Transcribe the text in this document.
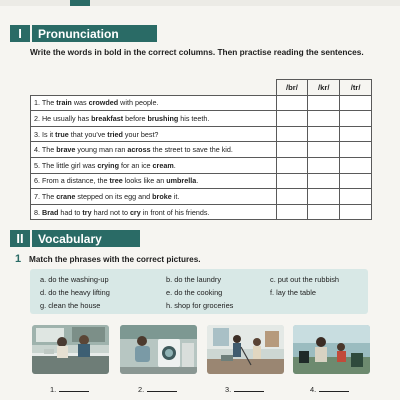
I	Pronunciation
Write the words in bold in the correct columns. Then practise reading the sentences.
	/br/	/kr/	/tr/
1. The train was crowded with people.			
2. He usually has breakfast before brushing his teeth.			
3. Is it true that you've tried your best?			
4. The brave young man ran across the street to save the kid.			
5. The little girl was crying for an ice cream.			
6. From a distance, the tree looks like an umbrella.			
7. The crane stepped on its egg and broke it.			
8. Brad had to try hard not to cry in front of his friends.			
II	Vocabulary
1 Match the phrases with the correct pictures.
a. do the washing-up	b. do the laundry	c. put out the rubbish
d. do the heavy lifting	e. do the cooking	f. lay the table
g. clean the house	h. shop for groceries
1.	2.	3.	4.
